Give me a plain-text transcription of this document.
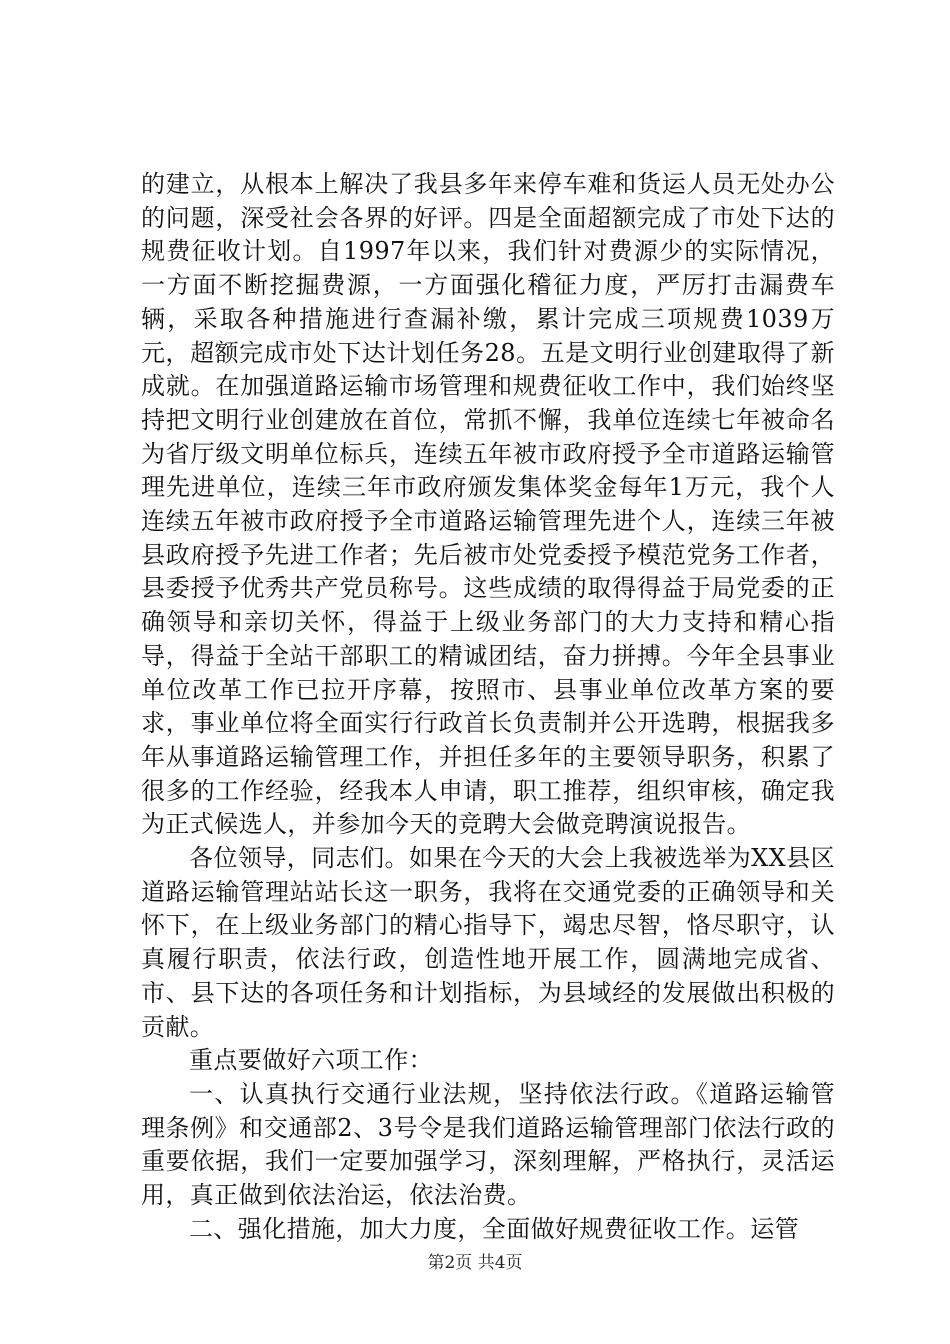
的建立，从根本上解决了我县多年来停车难和货运人员无处办公的问题，深受社会各界的好评。四是全面超额完成了市处下达的规费征收计划。自1997年以来，我们针对费源少的实际情况，一方面不断挖掘费源，一方面强化稽征力度，严厉打击漏费车辆，采取各种措施进行查漏补缴，累计完成三项规费1039万元，超额完成市处下达计划任务28。五是文明行业创建取得了新成就。在加强道路运输市场管理和规费征收工作中，我们始终坚持把文明行业创建放在首位，常抓不懈，我单位连续七年被命名为省厅级文明单位标兵，连续五年被市政府授予全市道路运输管理先进单位，连续三年市政府颁发集体奖金每年1万元，我个人连续五年被市政府授予全市道路运输管理先进个人，连续三年被县政府授予先进工作者；先后被市处党委授予模范党务工作者，县委授予优秀共产党员称号。这些成绩的取得得益于局党委的正确领导和亲切关怀，得益于上级业务部门的大力支持和精心指导，得益于全站干部职工的精诚团结，奋力拼搏。今年全县事业单位改革工作已拉开序幕，按照市、县事业单位改革方案的要求，事业单位将全面实行行政首长负责制并公开选聘，根据我多年从事道路运输管理工作，并担任多年的主要领导职务，积累了很多的工作经验，经我本人申请，职工推荐，组织审核，确定我为正式候选人，并参加今天的竞聘大会做竞聘演说报告。

各位领导，同志们。如果在今天的大会上我被选举为XX县区道路运输管理站站长这一职务，我将在交通党委的正确领导和关怀下，在上级业务部门的精心指导下，竭忠尽智，恪尽职守，认真履行职责，依法行政，创造性地开展工作，圆满地完成省、市、县下达的各项任务和计划指标，为县域经的发展做出积极的贡献。

重点要做好六项工作：

一、认真执行交通行业法规，坚持依法行政。《道路运输管理条例》和交通部2、3号令是我们道路运输管理部门依法行政的重要依据，我们一定要加强学习，深刻理解，严格执行，灵活运用，真正做到依法治运，依法治费。

二、强化措施，加大力度，全面做好规费征收工作。运管

第2页 共4页
